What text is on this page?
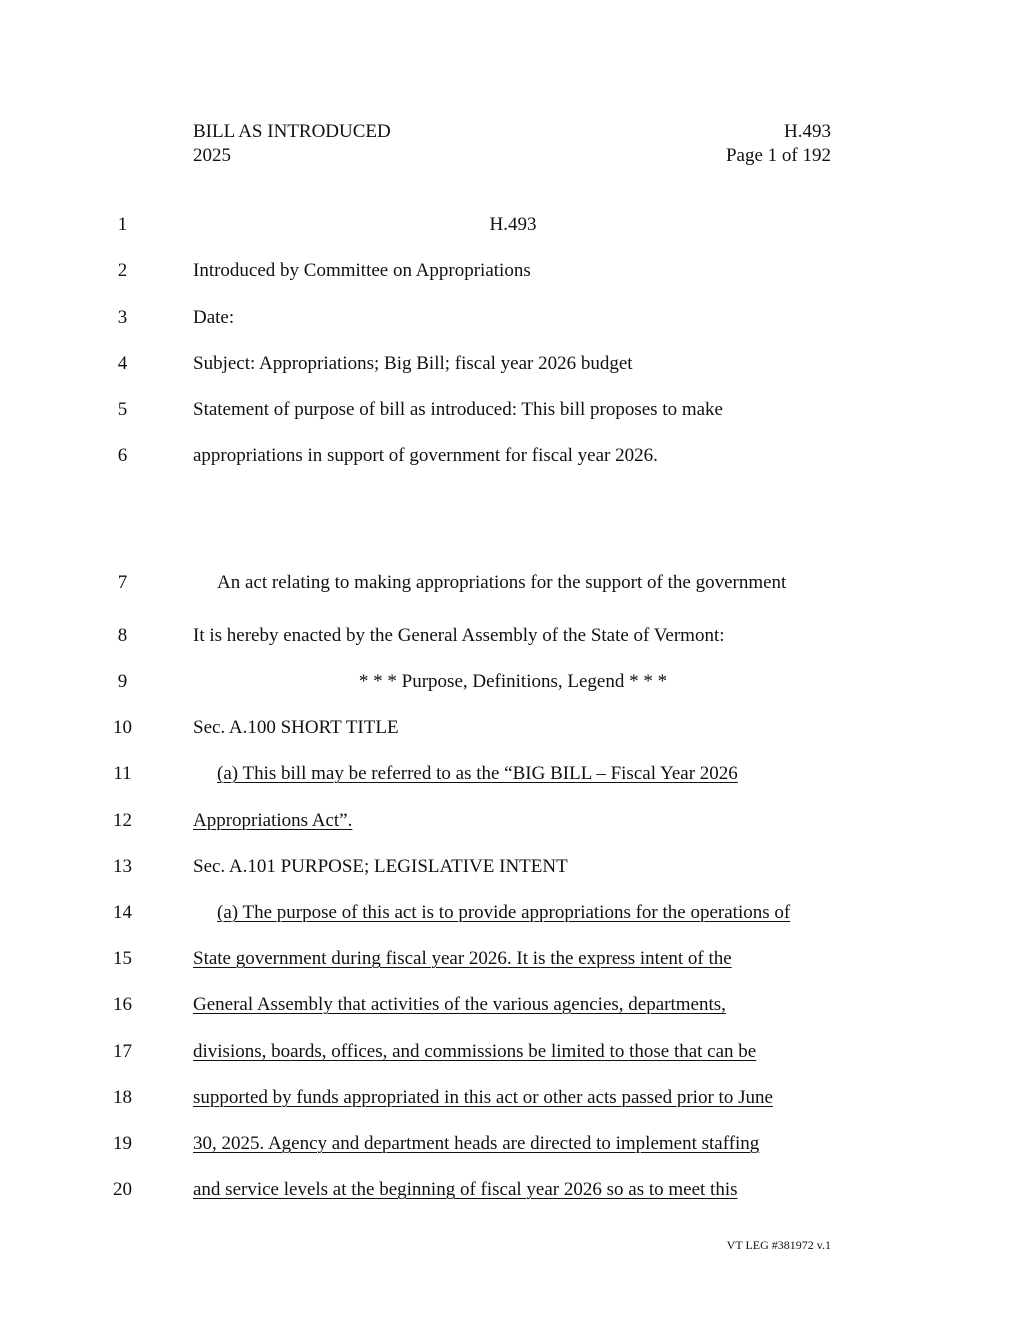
BILL AS INTRODUCED
2025
H.493
Page 1 of 192
1	H.493
2	Introduced by Committee on Appropriations
3	Date:
4	Subject: Appropriations; Big Bill; fiscal year 2026 budget
5	Statement of purpose of bill as introduced: This bill proposes to make
6	appropriations in support of government for fiscal year 2026.
7	An act relating to making appropriations for the support of the government
8	It is hereby enacted by the General Assembly of the State of Vermont:
9	* * * Purpose, Definitions, Legend * * *
10	Sec. A.100 SHORT TITLE
11	(a) This bill may be referred to as the “BIG BILL – Fiscal Year 2026
12	Appropriations Act”.
13	Sec. A.101 PURPOSE; LEGISLATIVE INTENT
14	(a) The purpose of this act is to provide appropriations for the operations of
15	State government during fiscal year 2026. It is the express intent of the
16	General Assembly that activities of the various agencies, departments,
17	divisions, boards, offices, and commissions be limited to those that can be
18	supported by funds appropriated in this act or other acts passed prior to June
19	30, 2025. Agency and department heads are directed to implement staffing
20	and service levels at the beginning of fiscal year 2026 so as to meet this
VT LEG #381972 v.1
